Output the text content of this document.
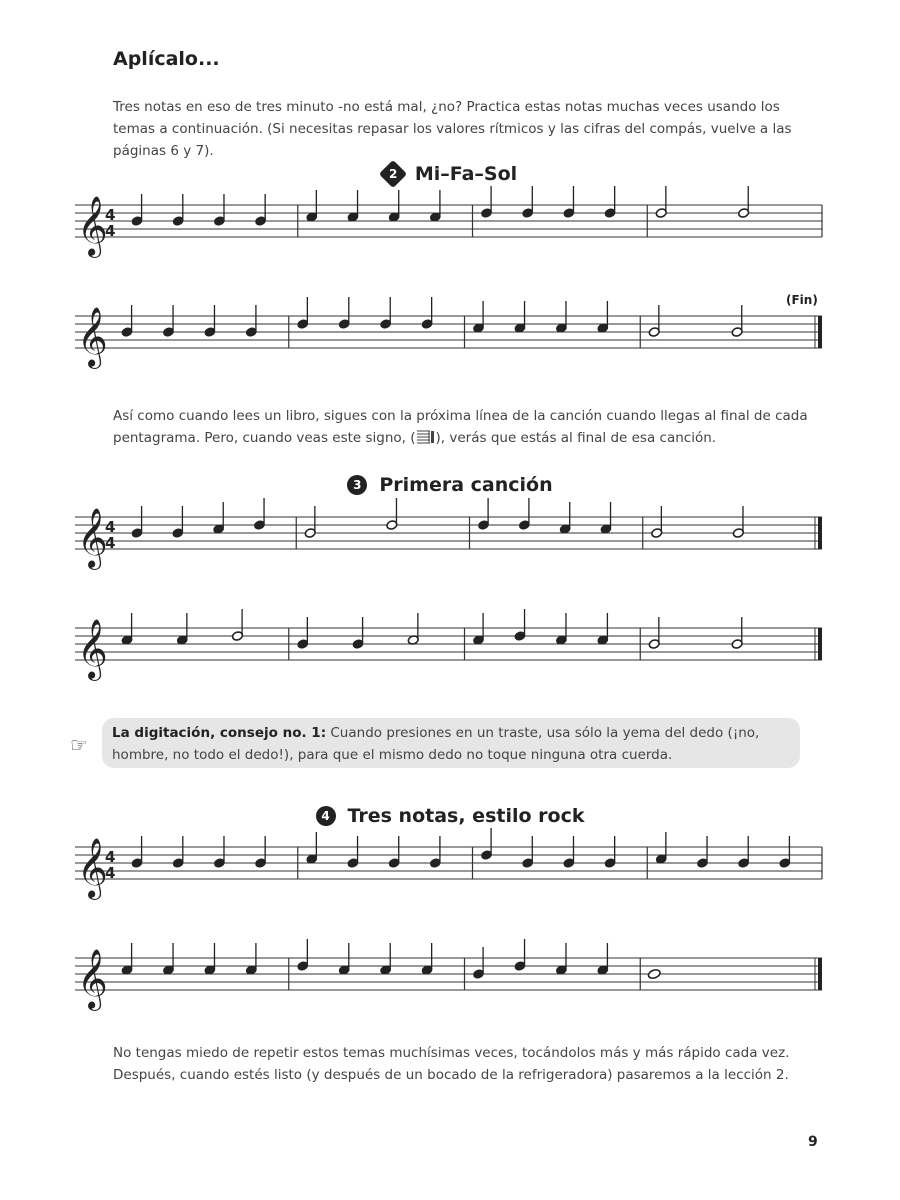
Aplícalo...
Tres notas en eso de tres minuto -no está mal, ¿no? Practica estas notas muchas veces usando los temas a continuación. (Si necesitas repasar los valores rítmicos y las cifras del compás, vuelve a las páginas 6 y 7).
2 Mi–Fa–Sol
3 Primera canción
Así como cuando lees un libro, sigues con la próxima línea de la canción cuando llegas al final de cada pentagrama. Pero, cuando veas este signo, ( ), verás que estás al final de esa canción.
☞	La digitación, consejo no. 1: Cuando presiones en un traste, usa sólo la yema del dedo (¡no, hombre, no todo el dedo!), para que el mismo dedo no toque ninguna otra cuerda.
4 Tres notas, estilo rock
No tengas miedo de repetir estos temas muchísimas veces, tocándolos más y más rápido cada vez. Después, cuando estés listo (y después de un bocado de la refrigeradora) pasaremos a la lección 2.
9
𝄞
4
4
𝄞
(Fin)
𝄞
4
4
𝄞
𝄞
4
4
𝄞
